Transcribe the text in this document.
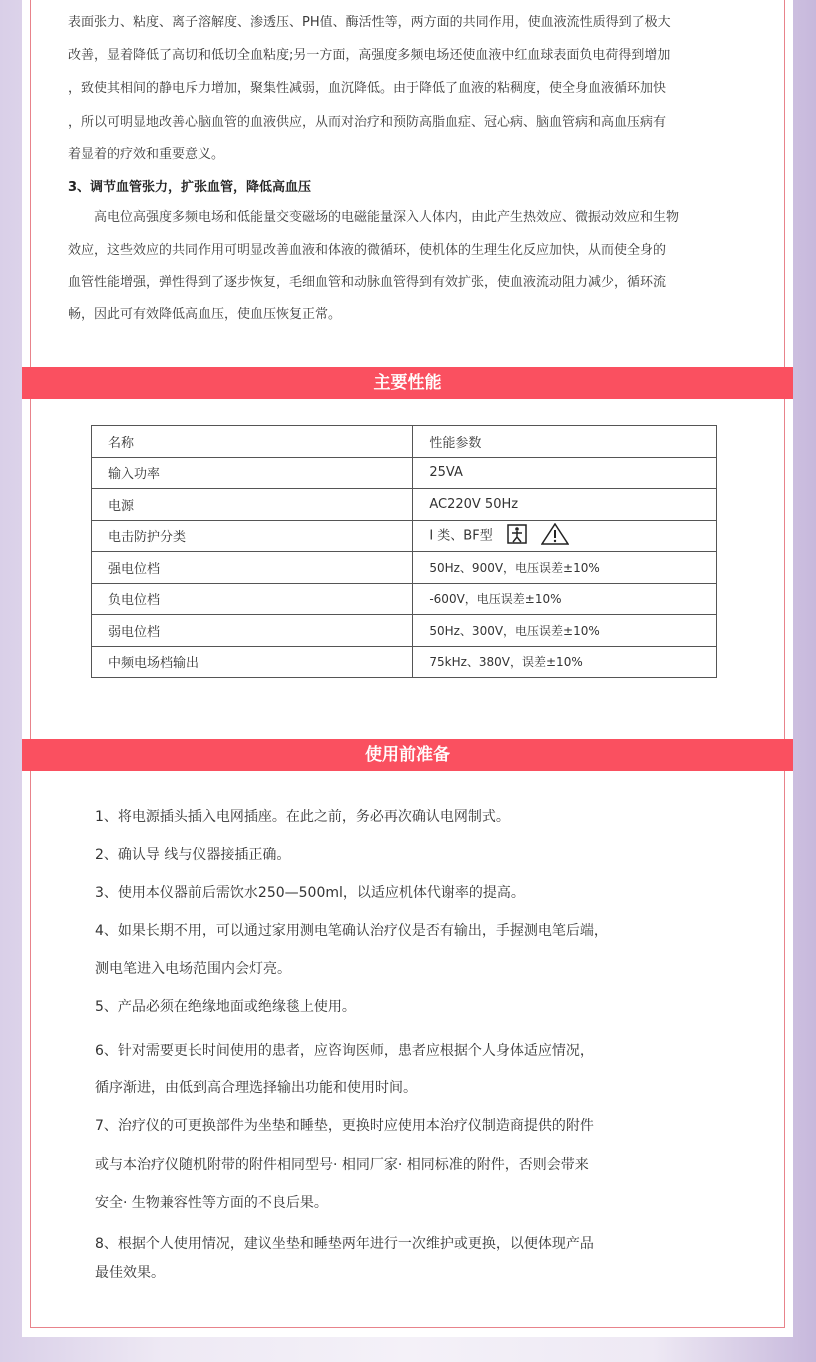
表面张力、粘度、离子溶解度、渗透压、PH值、酶活性等，两方面的共同作用，使血液流性质得到了极大
改善，显着降低了高切和低切全血粘度;另一方面，高强度多频电场还使血液中红血球表面负电荷得到增加
，致使其相间的静电斥力增加，聚集性减弱，血沉降低。由于降低了血液的粘稠度，使全身血液循环加快
，所以可明显地改善心脑血管的血液供应，从而对治疗和预防高脂血症、冠心病、脑血管病和高血压病有
着显着的疗效和重要意义。
3、调节血管张力，扩张血管，降低高血压
　　高电位高强度多频电场和低能量交变磁场的电磁能量深入人体内，由此产生热效应、微振动效应和生物
效应，这些效应的共同作用可明显改善血液和体液的微循环，使机体的生理生化反应加快，从而使全身的
血管性能增强，弹性得到了逐步恢复，毛细血管和动脉血管得到有效扩张，使血液流动阻力减少，循环流
畅，因此可有效降低高血压，使血压恢复正常。
主要性能
名称	性能参数
输入功率	25VA
电源	AC220V 50Hz
电击防护分类	I 类、BF型
强电位档	50Hz、900V，电压误差±10%
负电位档	-600V，电压误差±10%
弱电位档	50Hz、300V，电压误差±10%
中频电场档输出	75kHz、380V，误差±10%
使用前准备
1、将电源插头插入电网插座。在此之前，务必再次确认电网制式。
2、确认导 线与仪器接插正确。
3、使用本仪器前后需饮水250—500ml，以适应机体代谢率的提高。
4、如果长期不用，可以通过家用测电笔确认治疗仪是否有输出，手握测电笔后端，
测电笔进入电场范围内会灯亮。
5、产品必须在绝缘地面或绝缘毯上使用。
6、针对需要更长时间使用的患者，应咨询医师，患者应根据个人身体适应情况，
循序渐进，由低到高合理选择输出功能和使用时间。
7、治疗仪的可更换部件为坐垫和睡垫，更换时应使用本治疗仪制造商提供的附件
或与本治疗仪随机附带的附件相同型号· 相同厂家· 相同标准的附件，否则会带来
安全· 生物兼容性等方面的不良后果。
8、根据个人使用情况，建议坐垫和睡垫两年进行一次维护或更换，以便体现产品
最佳效果。
